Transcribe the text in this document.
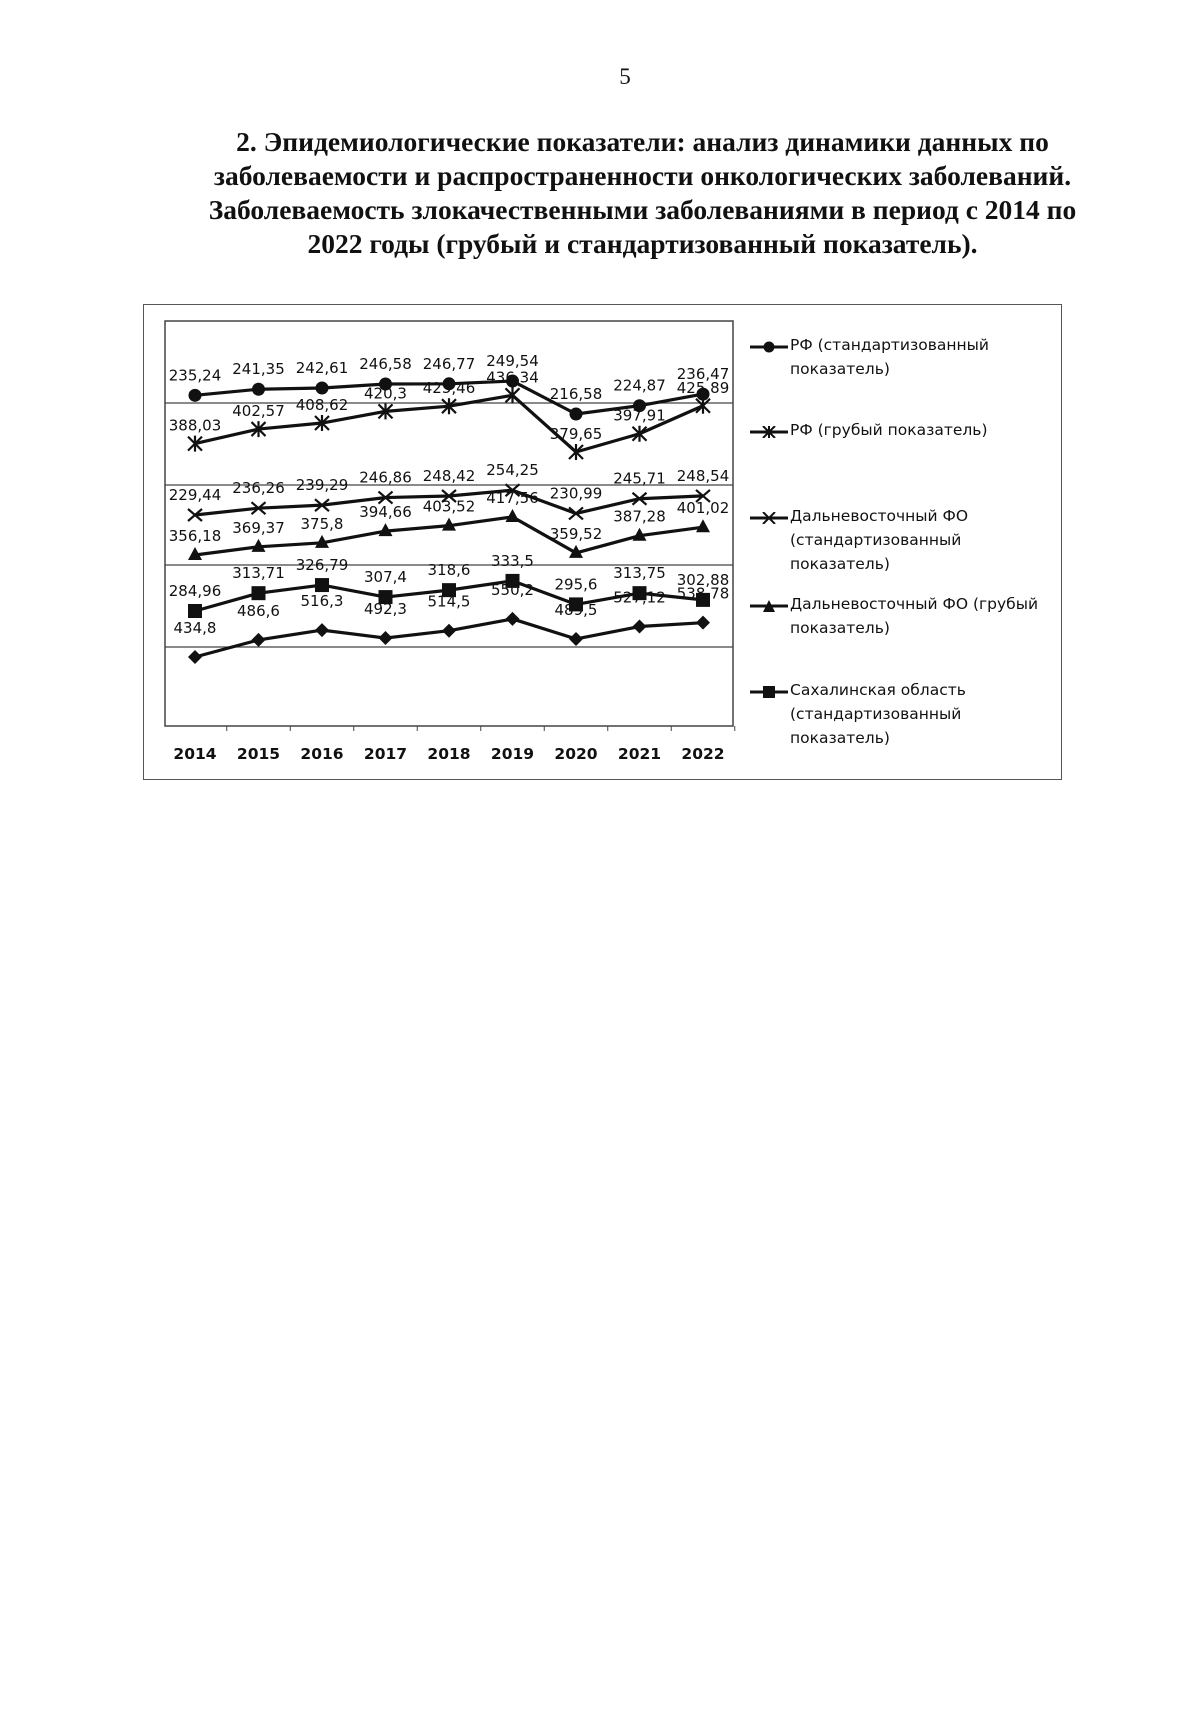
5
2. Эпидемиологические показатели: анализ динамики данных по заболеваемости и распространенности онкологических заболеваний. Заболеваемость злокачественными заболеваниями в период с 2014 по 2022 годы (грубый и стандартизованный показатель).
235,24 241,35 242,61 246,58 246,77 249,54
216,58 224,87
236,47
388,03
402,57 408,62
420,3 425,46
436,34
379,65
397,91
425,89
229,44 236,26 239,29 246,86 248,42 254,25
230,99
245,71 248,54
356,18 369,37 375,8
394,66 403,52 417,56
359,52
387,28 401,02
284,96
313,71 326,79
307,4 318,6
333,5
295,6
313,75 302,88
434,8
486,6
516,3 492,3 514,5
550,2
489,5
527,12 538,78
2014 2015 2016 2017 2018 2019 2020 2021 2022
РФ (стандартизованный показатель)
РФ (грубый показатель)
Дальневосточный ФО (стандартизованный показатель)
Дальневосточный ФО (грубый показатель)
Сахалинская область (стандартизованный показатель)
